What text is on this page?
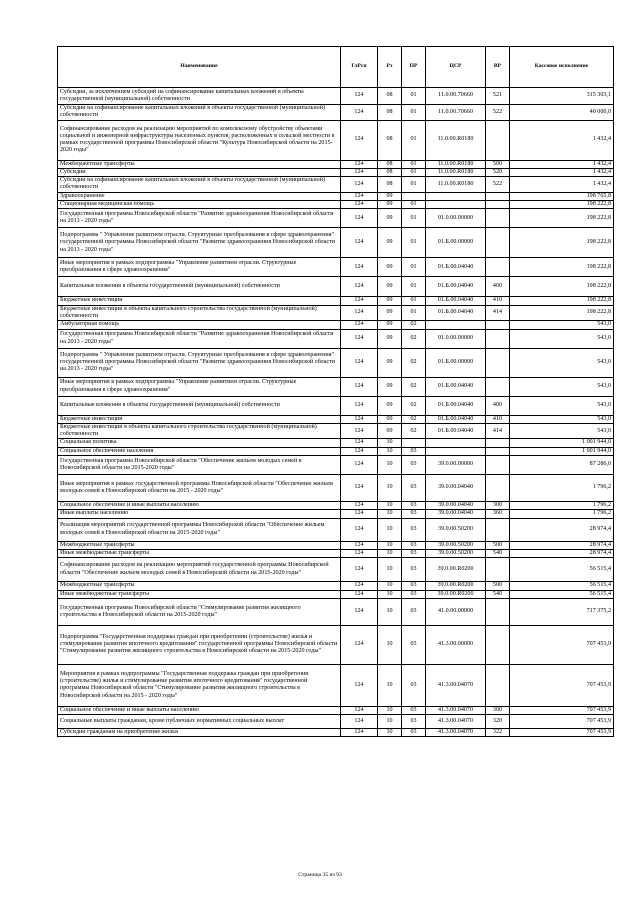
Наименование	ГлРсп	Рз	ПР	ЦСР	ВР	Кассовое исполнение
Субсидии, за исключением субсидий на софинансирование капитальных вложений в объекты государственной (муниципальной) собственности	124	08	01	11.0.00.70660	521	315 303,1
Субсидии на софинансирование капитальных вложений в объекты государственной (муниципальной) собственности	124	08	01	11.0.00.70660	522	40 000,0
Софинансирование расходов на реализацию мероприятий по комплексному обустройству объектами социальной и инженерной инфраструктуры населенных пунктов, расположенных в сельской местности в рамках государственной программы Новосибирской области "Культура Новосибирской области на 2015-2020 годы"	124	08	01	11.0.00.R0180		1 432,4
Межбюджетные трансферты	124	08	01	11.0.00.R0180	500	1 432,4
Субсидии	124	08	01	11.0.00.R0180	520	1 432,4
Субсидии на софинансирование капитальных вложений в объекты государственной (муниципальной) собственности	124	08	01	11.0.00.R0180	522	1 432,4
Здравоохранение	124	09				198 765,8
Стационарная медицинская помощь	124	09	01			198 222,8
Государственная программа Новосибирской области "Развитие здравоохранения Новосибирской области на 2013 - 2020 годы"	124	09	01	01.0.00.00000		198 222,8
Подпрограмма " Управление развитием отрасли. Структурные преобразования в сфере здравоохранения" государственной программы Новосибирской области "Развитие здравоохранения Новосибирской области на 2013 - 2020 годы"	124	09	01	01.Б.00.00000		198 222,8
Иные мероприятия в рамках подпрограммы "Управление развитием отрасли. Структурные преобразования в сфере здравоохранения"	124	09	01	01.Б.00.04040		198 222,8
Капитальные вложения в объекты государственной (муниципальной) собственности	124	09	01	01.Б.00.04040	400	198 222,8
Бюджетные инвестиции	124	09	01	01.Б.00.04040	410	198 222,8
Бюджетные инвестиции в объекты капитального строительства государственной (муниципальной) собственности	124	09	01	01.Б.00.04040	414	198 222,8
Амбулаторная помощь	124	09	02			543,0
Государственная программа Новосибирской области "Развитие здравоохранения Новосибирской области на 2013 - 2020 годы"	124	09	02	01.0.00.00000		543,0
Подпрограмма " Управление развитием отрасли. Структурные преобразования в сфере здравоохранения" государственной программы Новосибирской области "Развитие здравоохранения Новосибирской области на 2013 - 2020 годы"	124	09	02	01.Б.00.00000		543,0
Иные мероприятия в рамках подпрограммы "Управление развитием отрасли. Структурные преобразования в сфере здравоохранения"	124	09	02	01.Б.00.04040		543,0
Капитальные вложения в объекты государственной (муниципальной) собственности	124	09	02	01.Б.00.04040	400	543,0
Бюджетные инвестиции	124	09	02	01.Б.00.04040	410	543,0
Бюджетные инвестиции в объекты капитального строительства государственной (муниципальной) собственности	124	09	02	01.Б.00.04040	414	543,0
Социальная политика	124	10				1 001 944,0
Социальное обеспечение населения	124	10	03			1 001 944,0
Государственная программа Новосибирской области "Обеспечение жильем молодых семей в Новосибирской области на 2015-2020 годы"	124	10	03	39.0.00.00000		87 286,0
Иные мероприятия в рамках государственной программы Новосибирской области "Обеспечение жильем молодых семей в Новосибирской области на 2015 - 2020 годы"	124	10	03	39.0.00.04040		1 796,2
Социальное обеспечение и иные выплаты населению	124	10	03	39.0.00.04040	300	1 796,2
Иные выплаты населению	124	10	03	39.0.00.04040	360	1 796,2
Реализация мероприятий государственной программы Новосибирской области "Обеспечение жильем молодых семей в Новосибирской области на 2015-2020 годы"	124	10	03	39.0.00.50200		28 974,4
Межбюджетные трансферты	124	10	03	39.0.00.50200	500	28 974,4
Иные межбюджетные трансферты	124	10	03	39.0.00.50200	540	28 974,4
Софинансирование расходов на реализацию мероприятий государственной программы Новосибирской области "Обеспечение жильем молодых семей в Новосибирской области на 2015-2020 годы"	124	10	03	39.0.00.R0200		56 515,4
Межбюджетные трансферты	124	10	03	39.0.00.R0200	500	56 515,4
Иные межбюджетные трансферты	124	10	03	39.0.00.R0200	540	56 515,4
Государственная программа Новосибирской области "Стимулирование развития жилищного строительства в Новосибирской области на 2015-2020 годы"	124	10	03	41.0.00.00000		717 375,2
Подпрограмма "Государственная поддержка граждан при приобретении (строительстве) жилья и стимулирование развития ипотечного кредитования" государственной программы Новосибирской области "Стимулирование развития жилищного строительства в Новосибирской области на 2015-2020 годы"	124	10	03	41.3.00.00000		707 453,9
Мероприятия в рамках подпрограммы "Государственная поддержка граждан при приобретении (строительстве) жилья и стимулирование развития ипотечного кредитования" государственной программы Новосибирской области "Стимулирование развития жилищного строительства в Новосибирской области на 2015 - 2020 годы"	124	10	03	41.3.00.04070		707 453,9
Социальное обеспечение и иные выплаты населению	124	10	03	41.3.00.04070	300	707 453,9
Социальные выплаты гражданам, кроме публичных нормативных социальных выплат	124	10	03	41.3.00.04070	320	707 453,9
Субсидии гражданам на приобретение жилья	124	10	03	41.3.00.04070	322	707 453,9
Страница 35 из 93
